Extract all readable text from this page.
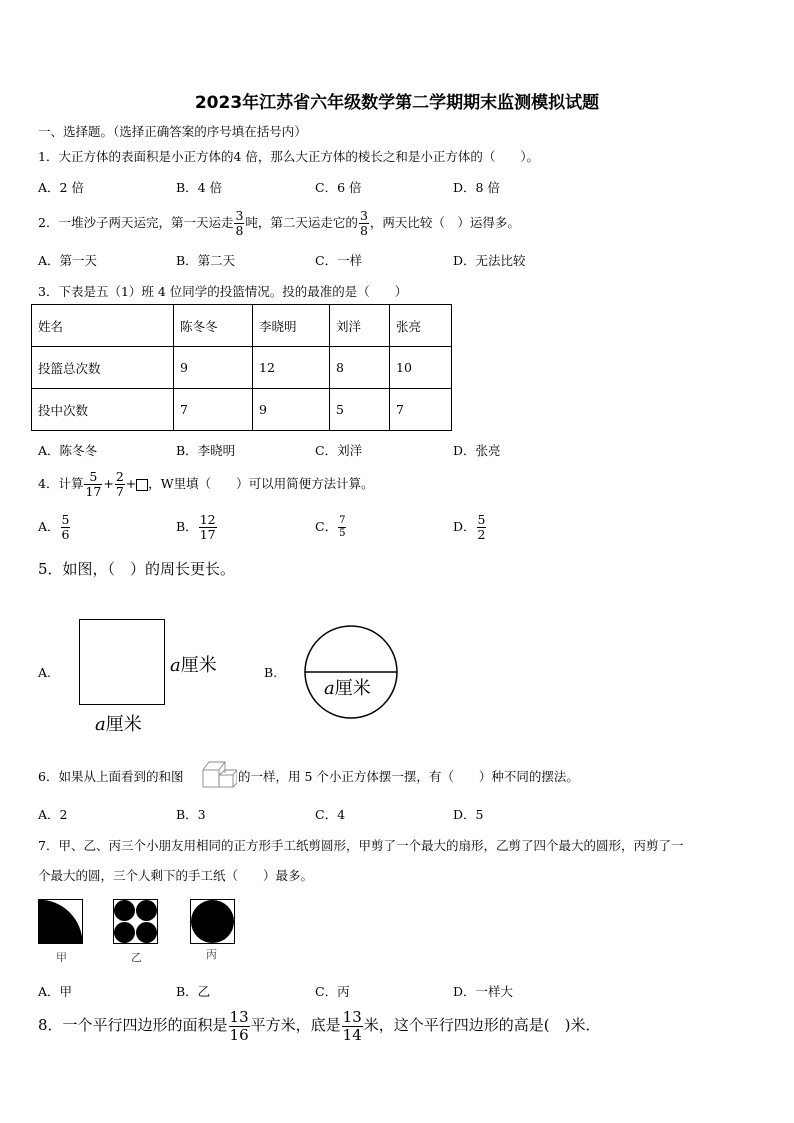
2023年江苏省六年级数学第二学期期末监测模拟试题
一、选择题。（选择正确答案的序号填在括号内）
1．大正方体的表面积是小正方体的4 倍，那么大正方体的棱长之和是小正方体的（　　）。
A．2 倍	B．4 倍	C．6 倍	D．8 倍
2．一堆沙子两天运完，第一天运走 $\frac{3}{8}$ 吨，第二天运走它的 $\frac{3}{8}$ ，两天比较（　）运得多。
A．第一天	B．第二天	C．一样	D．无法比较
3．下表是五（1）班 4 位同学的投篮情况。投的最准的是（　　）
姓名	陈冬冬	李晓明	刘洋	张亮
投篮总次数	9	12	8	10
投中次数	7	9	5	7
A．陈冬冬	B．李晓明	C．刘洋	D．张亮
4．计算 $\frac{5}{17} + \frac{2}{7}$ + ，W里填（　　）可以用简便方法计算。
A． $\frac{5}{6}$	B． $\frac{12}{17}$	C． $\frac{7}{5}$	D． $\frac{5}{2}$
5．如图，（　）的周长更长。
A.	a厘米
a厘米
B.
a厘米
6．如果从上面看到的和图	的一样，用 5 个小正方体摆一摆，有（　　）种不同的摆法。
A．2	B．3	C．4	D．5
7．甲、乙、丙三个小朋友用相同的正方形手工纸剪圆形，甲剪了一个最大的扇形，乙剪了四个最大的圆形，丙剪了一
个最大的圆，三个人剩下的手工纸（　　）最多。
甲	乙	丙
A．甲	B．乙	C．丙	D．一样大
8．一个平行四边形的面积是 $\frac{13}{16}$ 平方米，底是 $\frac{13}{14}$ 米，这个平行四边形的高是(　)米．
